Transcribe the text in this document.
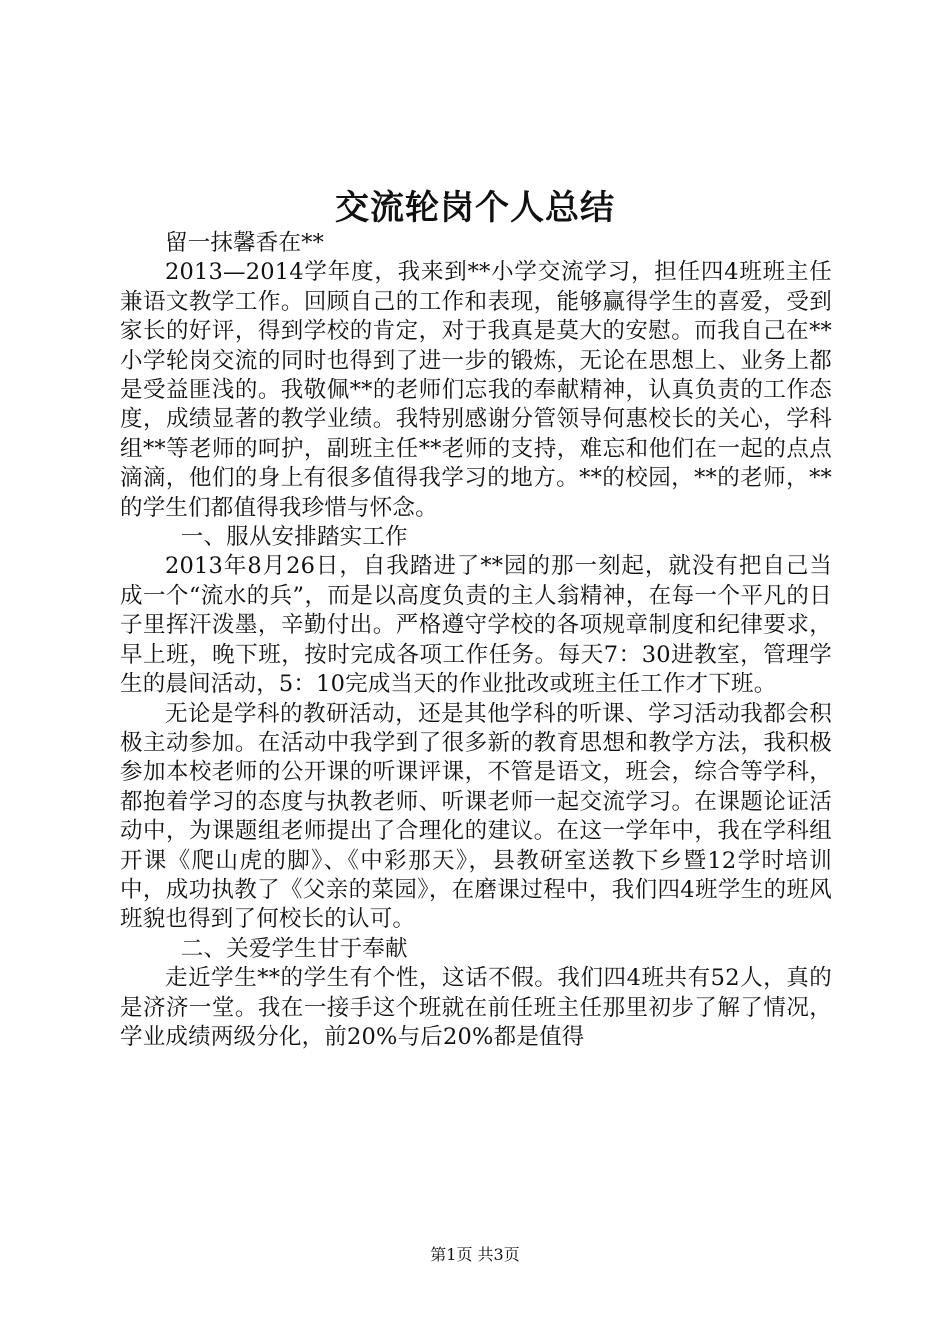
交流轮岗个人总结

留一抹馨香在**

2013—2014学年度，我来到**小学交流学习，担任四4班班主任兼语文教学工作。回顾自己的工作和表现，能够赢得学生的喜爱，受到家长的好评，得到学校的肯定，对于我真是莫大的安慰。而我自己在**小学轮岗交流的同时也得到了进一步的锻炼，无论在思想上、业务上都是受益匪浅的。我敬佩**的老师们忘我的奉献精神，认真负责的工作态度，成绩显著的教学业绩。我特别感谢分管领导何惠校长的关心，学科组**等老师的呵护，副班主任**老师的支持，难忘和他们在一起的点点滴滴，他们的身上有很多值得我学习的地方。**的校园，**的老师，**的学生们都值得我珍惜与怀念。

一、服从安排踏实工作

2013年8月26日，自我踏进了**园的那一刻起，就没有把自己当成一个“流水的兵”，而是以高度负责的主人翁精神，在每一个平凡的日子里挥汗泼墨，辛勤付出。严格遵守学校的各项规章制度和纪律要求，早上班，晚下班，按时完成各项工作任务。每天7：30进教室，管理学生的晨间活动，5：10完成当天的作业批改或班主任工作才下班。

无论是学科的教研活动，还是其他学科的听课、学习活动我都会积极主动参加。在活动中我学到了很多新的教育思想和教学方法，我积极参加本校老师的公开课的听课评课，不管是语文，班会，综合等学科，都抱着学习的态度与执教老师、听课老师一起交流学习。在课题论证活动中，为课题组老师提出了合理化的建议。在这一学年中，我在学科组开课《爬山虎的脚》、《中彩那天》，县教研室送教下乡暨12学时培训中，成功执教了《父亲的菜园》，在磨课过程中，我们四4班学生的班风班貌也得到了何校长的认可。

二、关爱学生甘于奉献

走近学生**的学生有个性，这话不假。我们四4班共有52人，真的是济济一堂。我在一接手这个班就在前任班主任那里初步了解了情况，学业成绩两级分化，前20%与后20%都是值得

第1页 共3页
